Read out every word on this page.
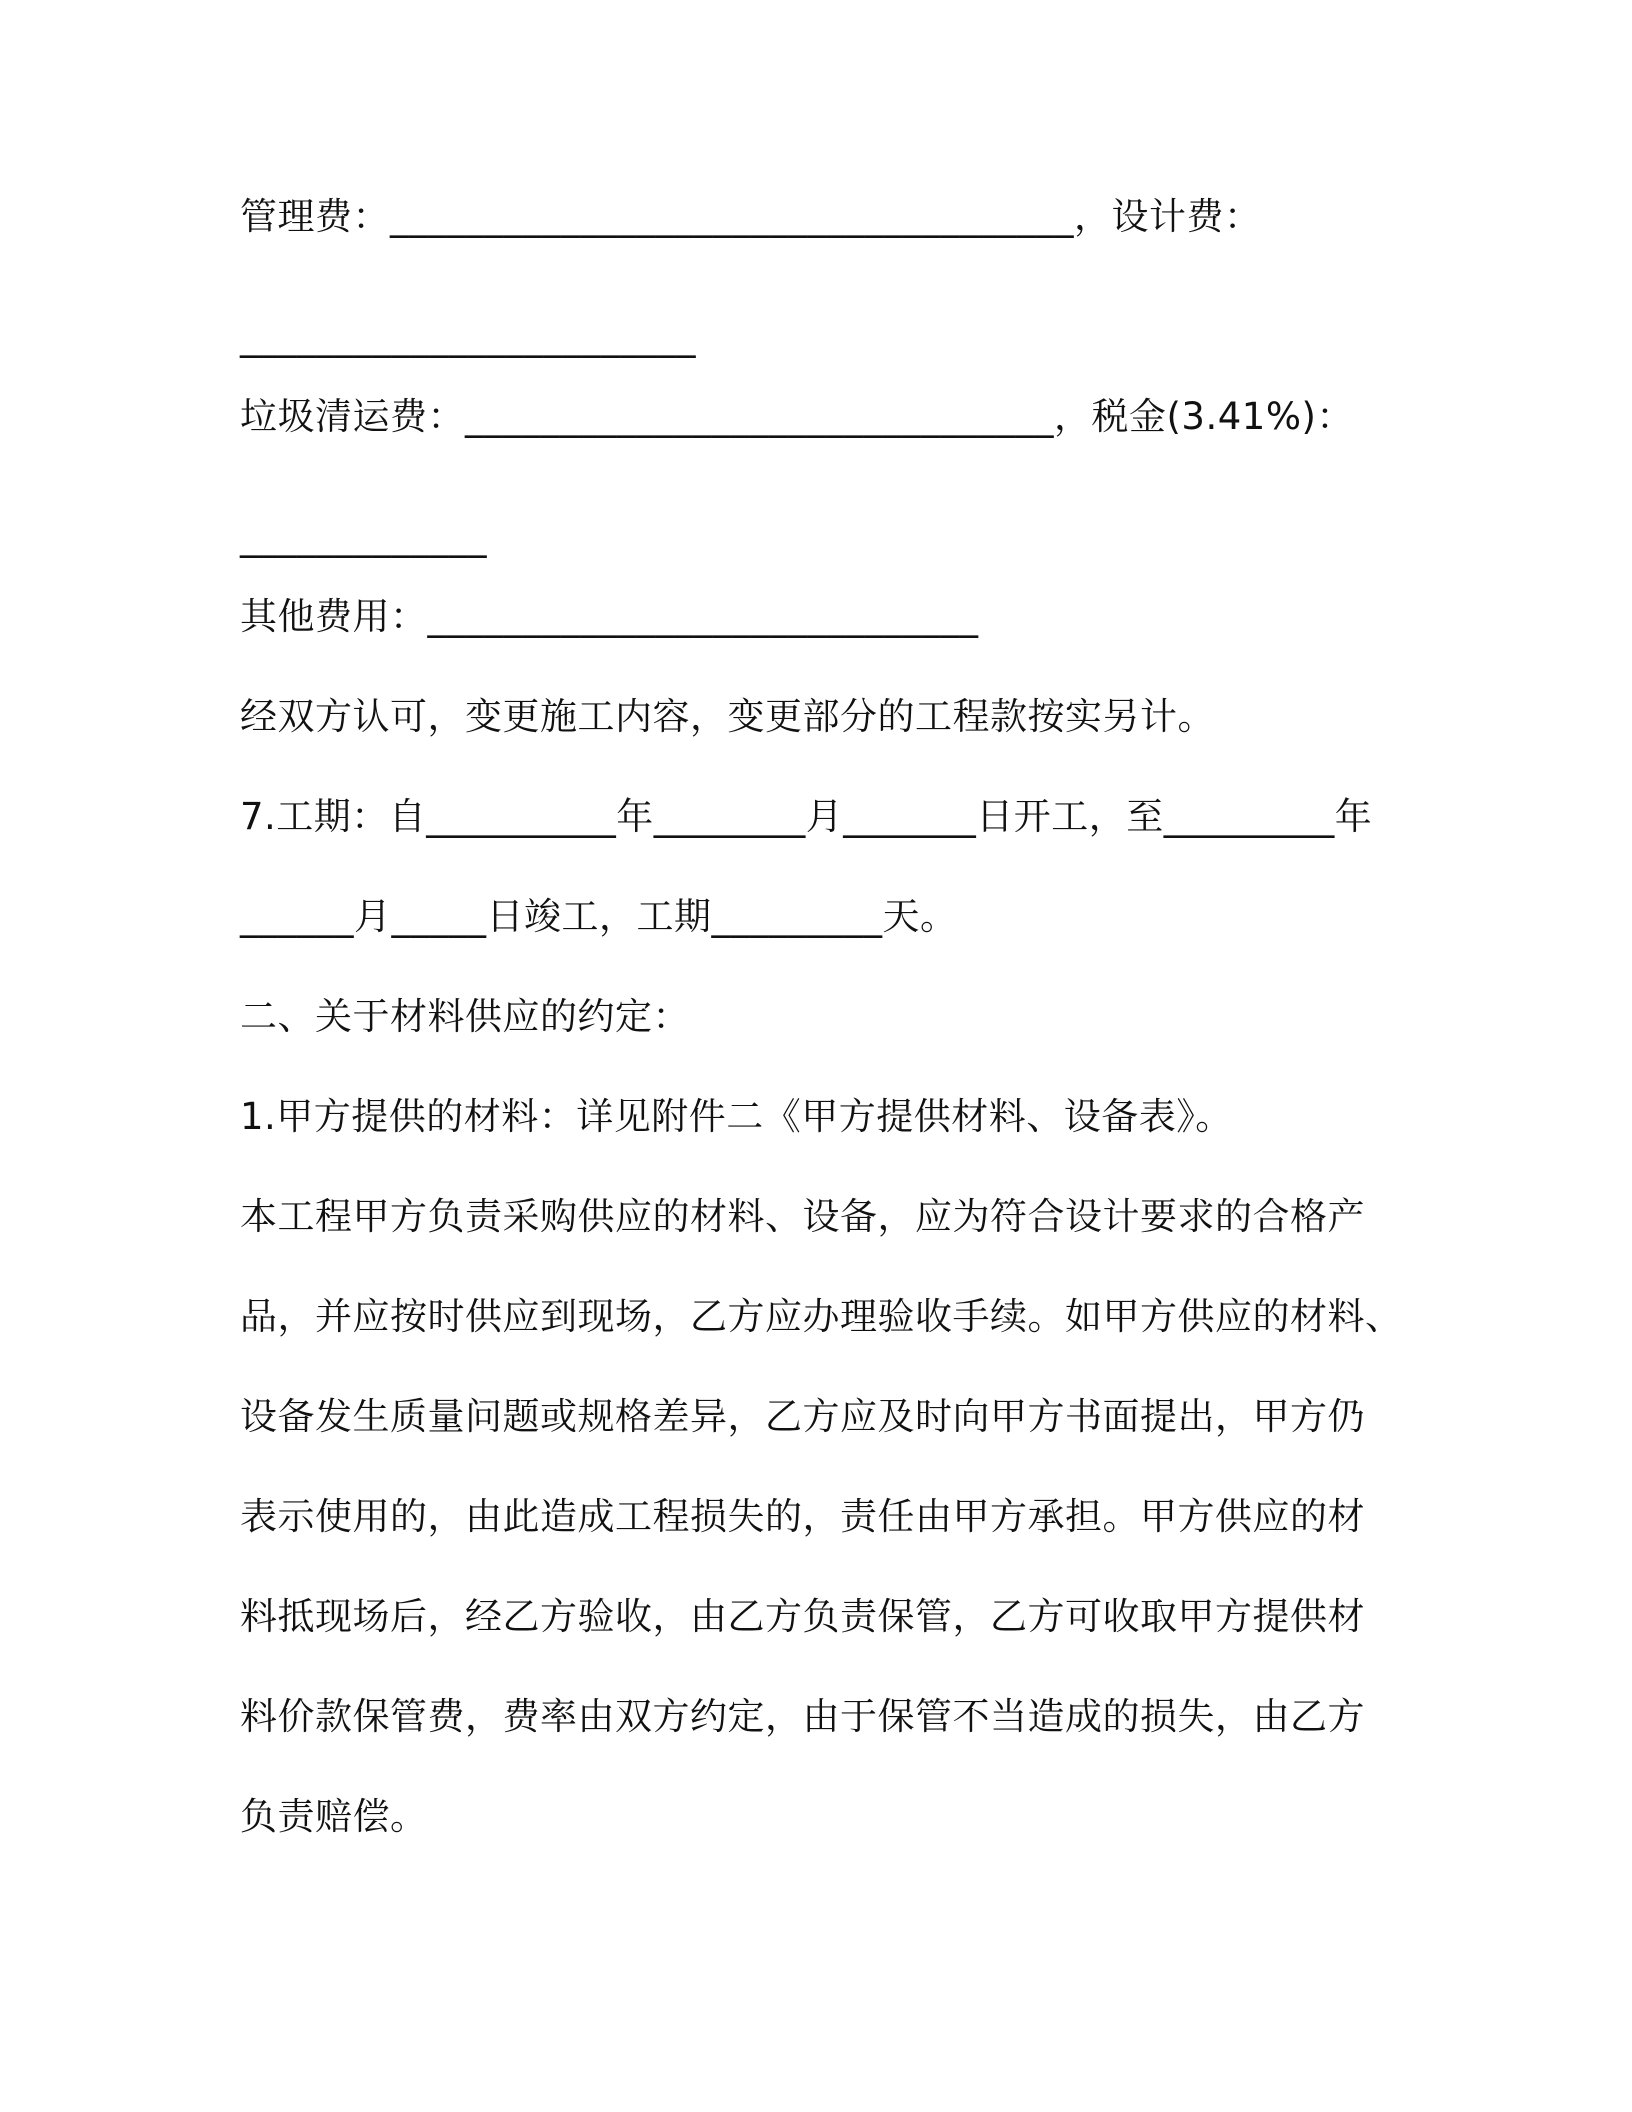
管理费：____________________________________，设计费：
________________________
垃圾清运费：_______________________________，税金(3.41%)：
_____________
其他费用：_____________________________
经双方认可，变更施工内容，变更部分的工程款按实另计。
7.工期：自__________年________月_______日开工，至_________年
______月_____日竣工，工期_________天。
二、关于材料供应的约定：
1.甲方提供的材料：详见附件二《甲方提供材料、设备表》。
本工程甲方负责采购供应的材料、设备，应为符合设计要求的合格产
品，并应按时供应到现场，乙方应办理验收手续。如甲方供应的材料、
设备发生质量问题或规格差异，乙方应及时向甲方书面提出，甲方仍
表示使用的，由此造成工程损失的，责任由甲方承担。甲方供应的材
料抵现场后，经乙方验收，由乙方负责保管，乙方可收取甲方提供材
料价款保管费，费率由双方约定，由于保管不当造成的损失，由乙方
负责赔偿。
